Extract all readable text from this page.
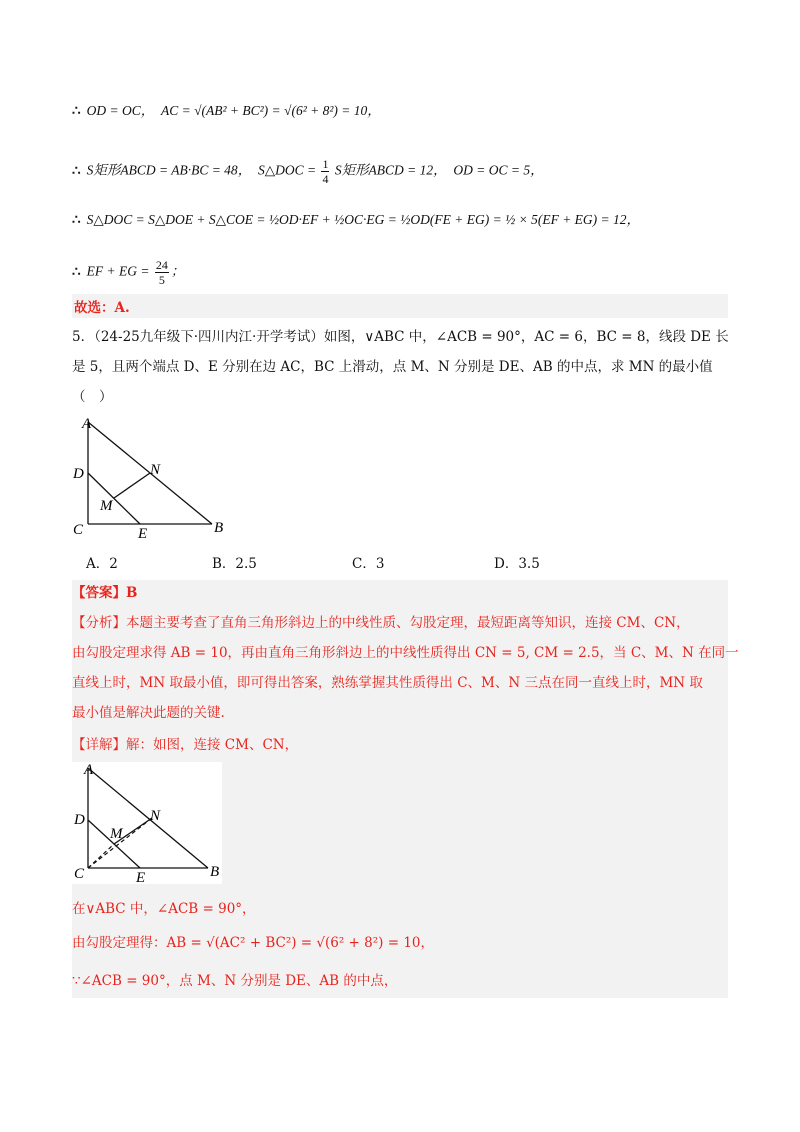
∴ OD = OC，  AC = √(AB² + BC²) = √(6² + 8²) = 10，
∴ S矩形ABCD = AB·BC = 48，  S△DOC = $\frac{1}{4}$ S矩形ABCD = 12，  OD = OC = 5，
∴ S△DOC = S△DOE + S△COE = ½OD·EF + ½OC·EG = ½OD(FE + EG) = ½ × 5(EF + EG) = 12，
∴ EF + EG = $\frac{24}{5}$ ；
故选：A.
5．（24-25九年级下·四川内江·开学考试）如图，∨ABC 中，∠ACB = 90°，AC = 6，BC = 8，线段 DE 长
是 5，且两个端点 D、E 分别在边 AC，BC 上滑动，点 M、N 分别是 DE、AB 的中点，求 MN 的最小值
（　）
A
D
C	B
E
M
N
A．2	B．2.5	C．3	D．3.5
【答案】B
【分析】本题主要考查了直角三角形斜边上的中线性质、勾股定理，最短距离等知识，连接 CM、CN，
由勾股定理求得 AB = 10，再由直角三角形斜边上的中线性质得出 CN = 5, CM = 2.5，当 C、M、N 在同一
直线上时，MN 取最小值，即可得出答案，熟练掌握其性质得出 C、M、N 三点在同一直线上时，MN 取
最小值是解决此题的关键.
【详解】解：如图，连接 CM、CN，
A
D
C	B
E
M
N
在∨ABC 中，∠ACB = 90°，
由勾股定理得：AB = √(AC² + BC²) = √(6² + 8²) = 10，
∵∠ACB = 90°，点 M、N 分别是 DE、AB 的中点，
